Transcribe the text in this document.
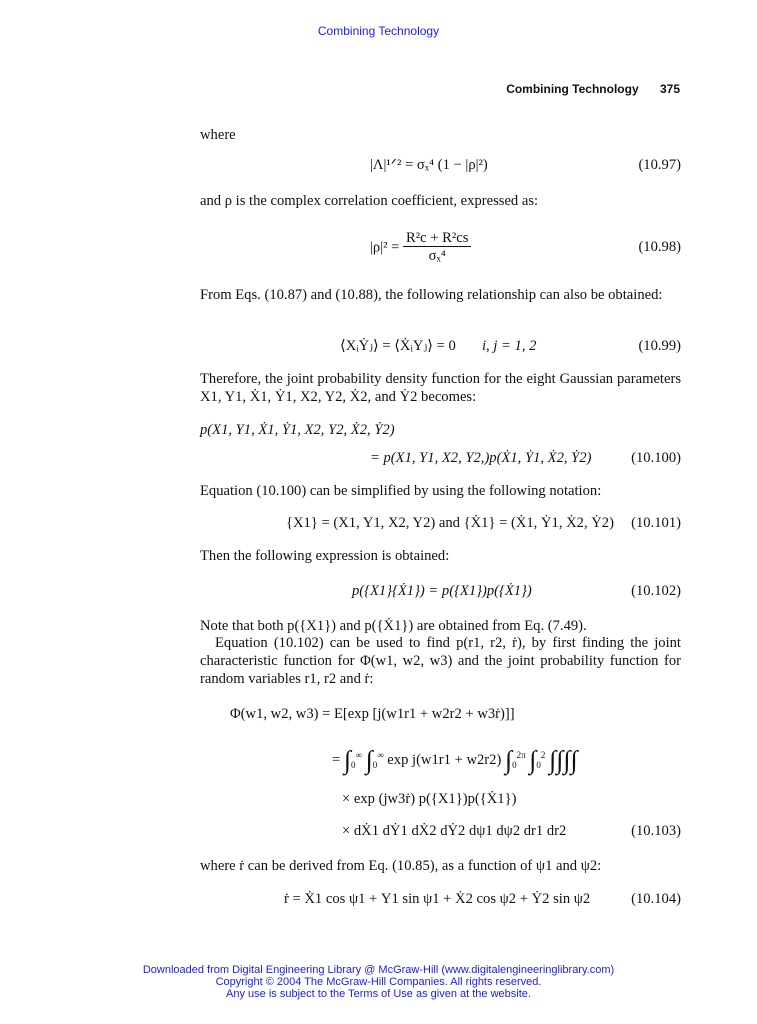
Combining Technology
Combining Technology 375
where
|Λ|¹ᐟ² = σₓ⁴ (1 − |ρ|²)	(10.97)
and ρ is the complex correlation coefficient, expressed as:
$|\rho|^2 = \frac{\text{R²c + R²cs}}{\text{σₓ⁴}}$	(10.98)
From Eqs. (10.87) and (10.88), the following relationship can also be obtained:
⟨XᵢẎⱼ⟩ = ⟨ẊᵢYⱼ⟩ = 0 i, j = 1, 2	(10.99)
Therefore, the joint probability density function for the eight Gaussian parameters X1, Y1, Ẋ1, Ẏ1, X2, Y2, Ẋ2, and Ẏ2 becomes:
p(X1, Y1, Ẋ1, Ẏ1, X2, Y2, Ẋ2, Ẏ2)
= p(X1, Y1, X2, Y2,)p(Ẋ1, Ẏ1, Ẋ2, Ẏ2)	(10.100)
Equation (10.100) can be simplified by using the following notation:
{X1} = (X1, Y1, X2, Y2) and {Ẋ1} = (Ẋ1, Ẏ1, Ẋ2, Ẏ2) (10.101)
Then the following expression is obtained:
p({X1}{Ẋ1}) = p({X1})p({Ẋ1})	(10.102)
Note that both p({X1}) and p({Ẋ1}) are obtained from Eq. (7.49).
Equation (10.102) can be used to find p(r1, r2, ṙ), by first finding the joint characteristic function for Φ(w1, w2, w3) and the joint probability function for random variables r1, r2 and ṙ:
Φ(w1, w2, w3) = E[exp [j(w1r1 + w2r2 + w3ṙ)]]
= $\int_0^\infty$ $\int_0^\infty$ exp j(w1r1 + w2r2) $\int_0^{2\pi}$ $\int_0^2$ ∫∫∫∫
× exp (jw3ṙ) p({X1})p({Ẋ1})
× dẊ1 dẎ1 dẊ2 dẎ2 dψ1 dψ2 dr1 dr2	(10.103)
where ṙ can be derived from Eq. (10.85), as a function of ψ1 and ψ2:
ṙ = Ẋ1 cos ψ1 + Y1 sin ψ1 + Ẋ2 cos ψ2 + Ẏ2 sin ψ2	(10.104)
Downloaded from Digital Engineering Library @ McGraw-Hill (www.digitalengineeringlibrary.com)
Copyright © 2004 The McGraw-Hill Companies. All rights reserved.
Any use is subject to the Terms of Use as given at the website.
